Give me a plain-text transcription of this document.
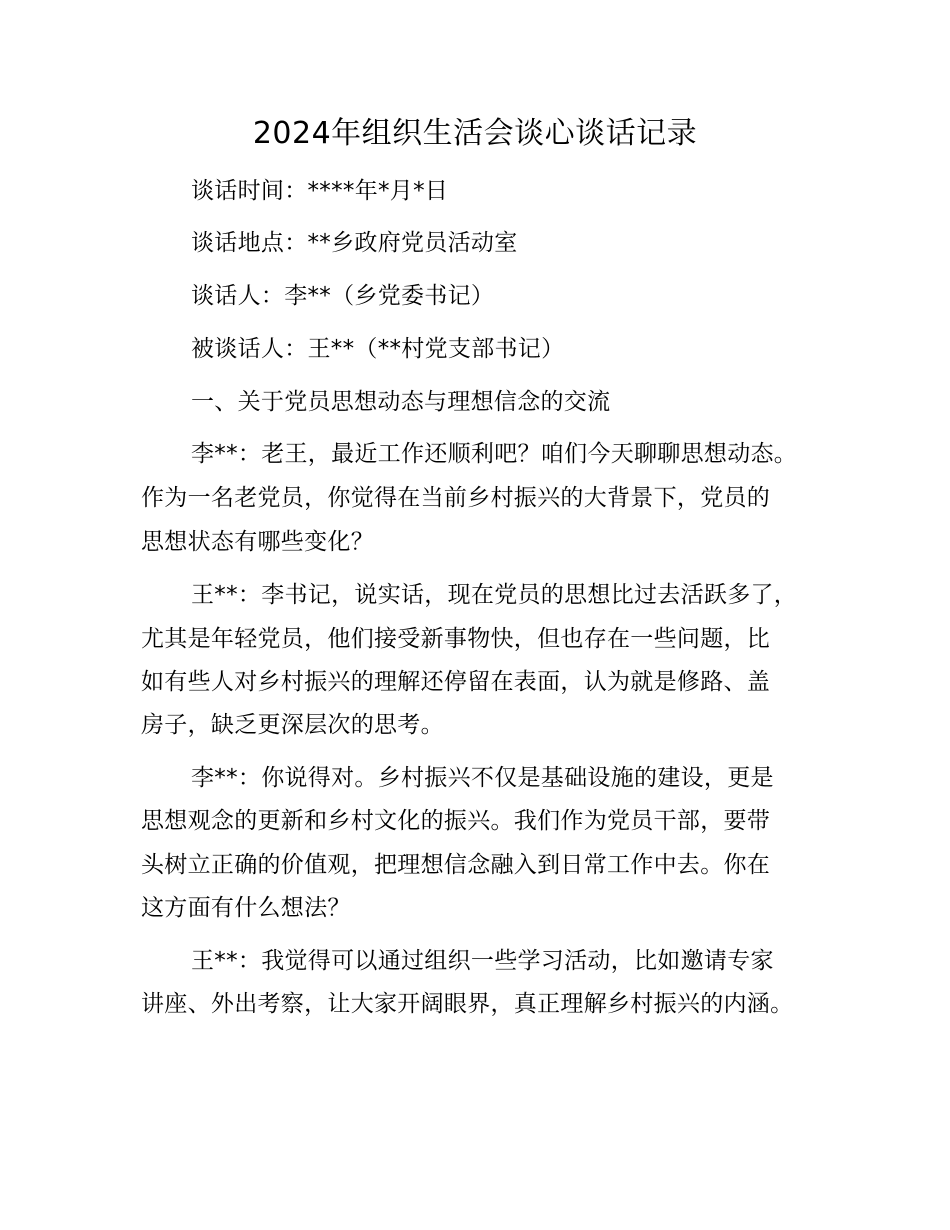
2024年组织生活会谈心谈话记录
谈话时间：****年*月*日
谈话地点：**乡政府党员活动室
谈话人：李**（乡党委书记）
被谈话人：王**（**村党支部书记）
一、关于党员思想动态与理想信念的交流
李**：老王，最近工作还顺利吧？咱们今天聊聊思想动态。
作为一名老党员，你觉得在当前乡村振兴的大背景下，党员的
思想状态有哪些变化？
王**：李书记，说实话，现在党员的思想比过去活跃多了，
尤其是年轻党员，他们接受新事物快，但也存在一些问题，比
如有些人对乡村振兴的理解还停留在表面，认为就是修路、盖
房子，缺乏更深层次的思考。
李**：你说得对。乡村振兴不仅是基础设施的建设，更是
思想观念的更新和乡村文化的振兴。我们作为党员干部，要带
头树立正确的价值观，把理想信念融入到日常工作中去。你在
这方面有什么想法？
王**：我觉得可以通过组织一些学习活动，比如邀请专家
讲座、外出考察，让大家开阔眼界，真正理解乡村振兴的内涵。
